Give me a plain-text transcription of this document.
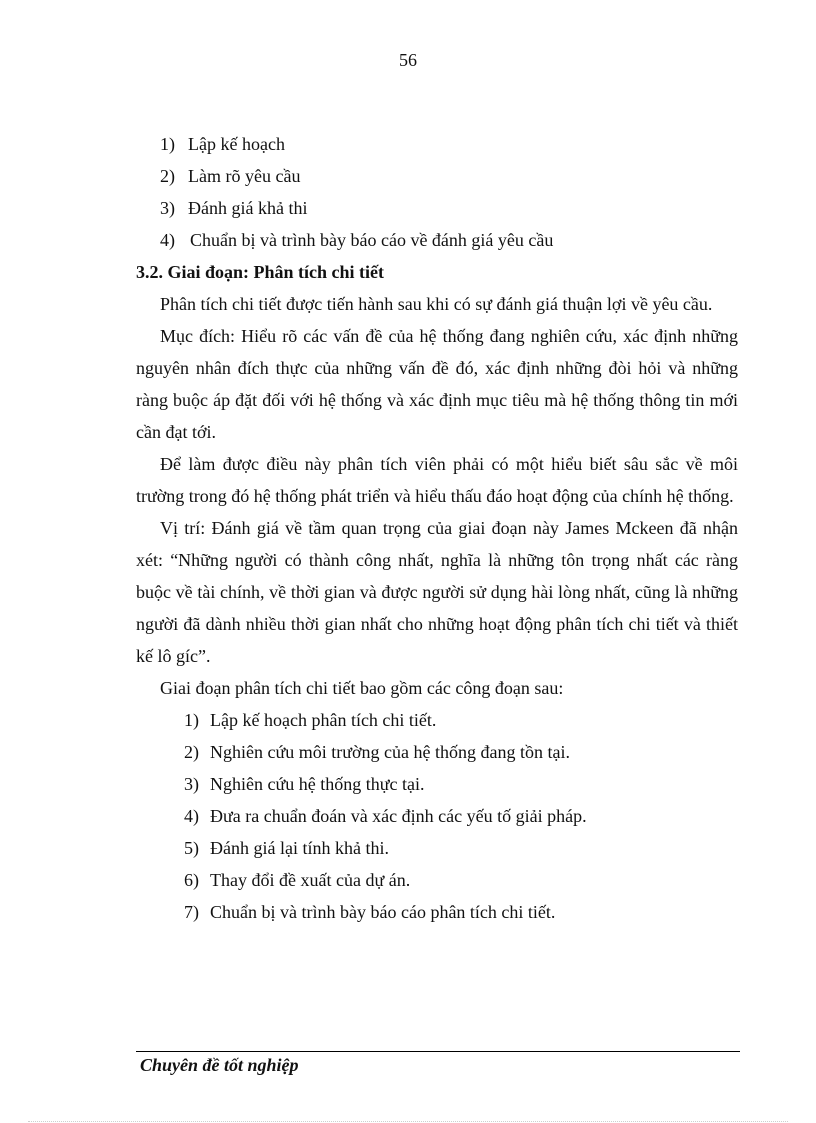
56
1) Lập kế hoạch
2) Làm rõ yêu cầu
3) Đánh giá khả thi
4) Chuẩn bị và trình bày báo cáo về đánh giá yêu cầu
3.2. Giai đoạn: Phân tích chi tiết

Phân tích chi tiết được tiến hành sau khi có sự đánh giá thuận lợi về yêu cầu.

Mục đích: Hiểu rõ các vấn đề của hệ thống đang nghiên cứu, xác định những nguyên nhân đích thực của những vấn đề đó, xác định những đòi hỏi và những ràng buộc áp đặt đối với hệ thống và xác định mục tiêu mà hệ thống thông tin mới cần đạt tới.

Để làm được điều này phân tích viên phải có một hiểu biết sâu sắc về môi trường trong đó hệ thống phát triển và hiểu thấu đáo hoạt động của chính hệ thống.

Vị trí: Đánh giá về tầm quan trọng của giai đoạn này James Mckeen đã nhận xét: “Những người có thành công nhất, nghĩa là những tôn trọng nhất các ràng buộc về tài chính, về thời gian và được người sử dụng hài lòng nhất, cũng là những người đã dành nhiều thời gian nhất cho những hoạt động phân tích chi tiết và thiết kế lô gíc”.

Giai đoạn phân tích chi tiết bao gồm các công đoạn sau:

1) Lập kế hoạch phân tích chi tiết.
2) Nghiên cứu môi trường của hệ thống đang tồn tại.
3) Nghiên cứu hệ thống thực tại.
4) Đưa ra chuẩn đoán và xác định các yếu tố giải pháp.
5) Đánh giá lại tính khả thi.
6) Thay đổi đề xuất của dự án.
7) Chuẩn bị và trình bày báo cáo phân tích chi tiết.
Chuyên đề tốt nghiệp
